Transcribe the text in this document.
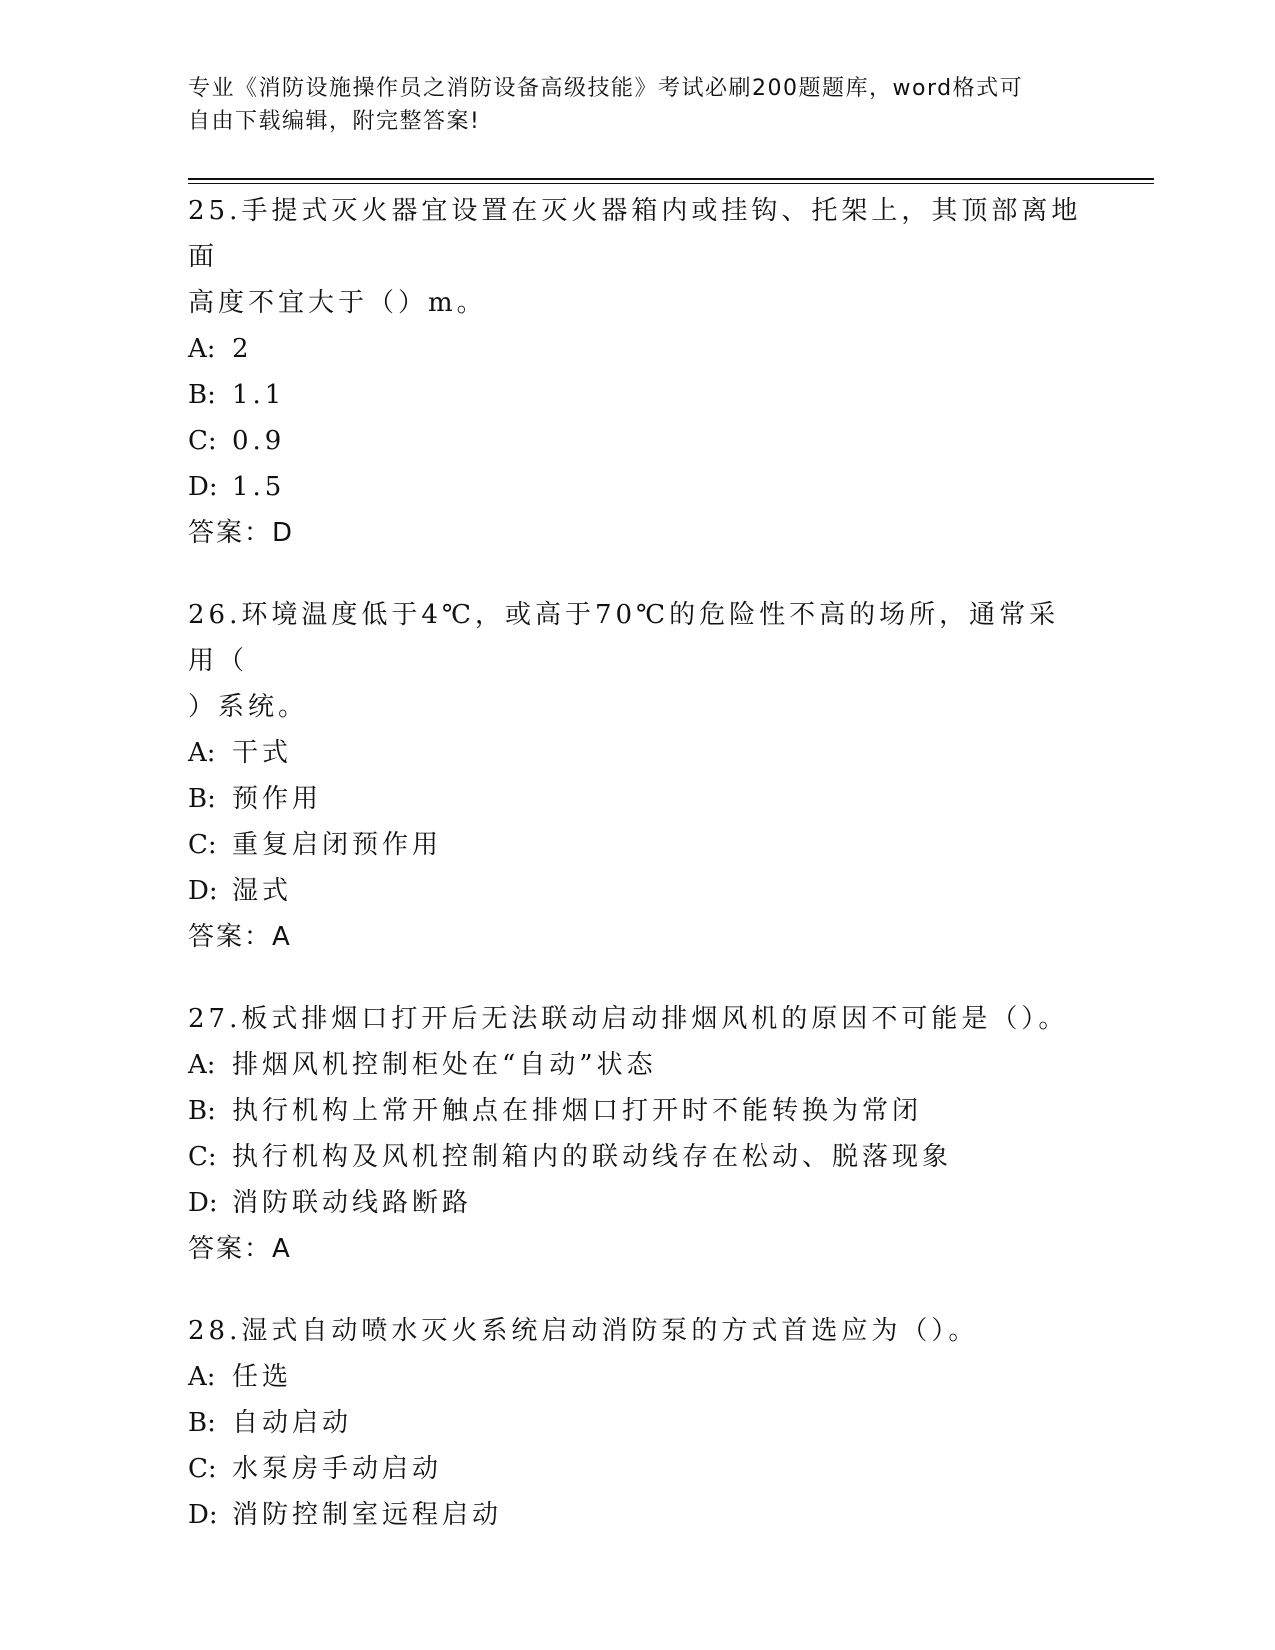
专业《消防设施操作员之消防设备高级技能》考试必刷200题题库，word格式可
自由下载编辑，附完整答案!

25.手提式灭火器宜设置在灭火器箱内或挂钩、托架上，其顶部离地面

高度不宜大于（）m。

A: 2

B: 1.1

C: 0.9

D: 1.5

答案：D

26.环境温度低于4℃，或高于70℃的危险性不高的场所，通常采用（

）系统。

A: 干式

B: 预作用

C: 重复启闭预作用

D: 湿式

答案：A

27.板式排烟口打开后无法联动启动排烟风机的原因不可能是（）。

A: 排烟风机控制柜处在“自动”状态

B: 执行机构上常开触点在排烟口打开时不能转换为常闭

C: 执行机构及风机控制箱内的联动线存在松动、脱落现象

D: 消防联动线路断路

答案：A

28.湿式自动喷水灭火系统启动消防泵的方式首选应为（）。

A: 任选

B: 自动启动

C: 水泵房手动启动

D: 消防控制室远程启动
